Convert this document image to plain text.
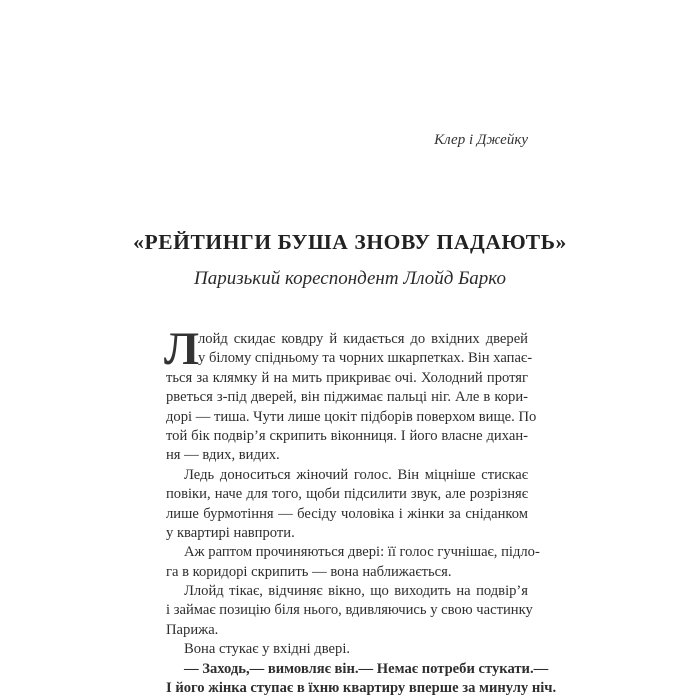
Клер і Джейку
«РЕЙТИНГИ БУША ЗНОВУ ПАДАЮТЬ»
Паризький кореспондент Ллойд Барко
Л
лойд скидає ковдру й кидається до вхідних дверей
у білому спідньому та чорних шкарпетках. Він хапає-
ться за клямку й на мить прикриває очі. Холодний протяг
рветься з-під дверей, він піджимає пальці ніг. Але в кори-
дорі — тиша. Чути лише цокіт підборів поверхом вище. По
той бік подвір’я скрипить віконниця. І його власне дихан-
ня — вдих, видих.
Ледь доноситься жіночий голос. Він міцніше стискає
повіки, наче для того, щоби підсилити звук, але розрізняє
лише бурмотіння — бесіду чоловіка і жінки за сніданком
у квартирі навпроти.
Аж раптом прочиняються двері: її голос гучнішає, підло-
га в коридорі скрипить — вона наближається.
Ллойд тікає, відчиняє вікно, що виходить на подвір’я
і займає позицію біля нього, вдивляючись у свою частинку
Парижа.
Вона стукає у вхідні двері.
— Заходь,— вимовляє він.— Немає потреби стукати.—
І його жінка ступає в їхню квартиру вперше за минулу ніч.
